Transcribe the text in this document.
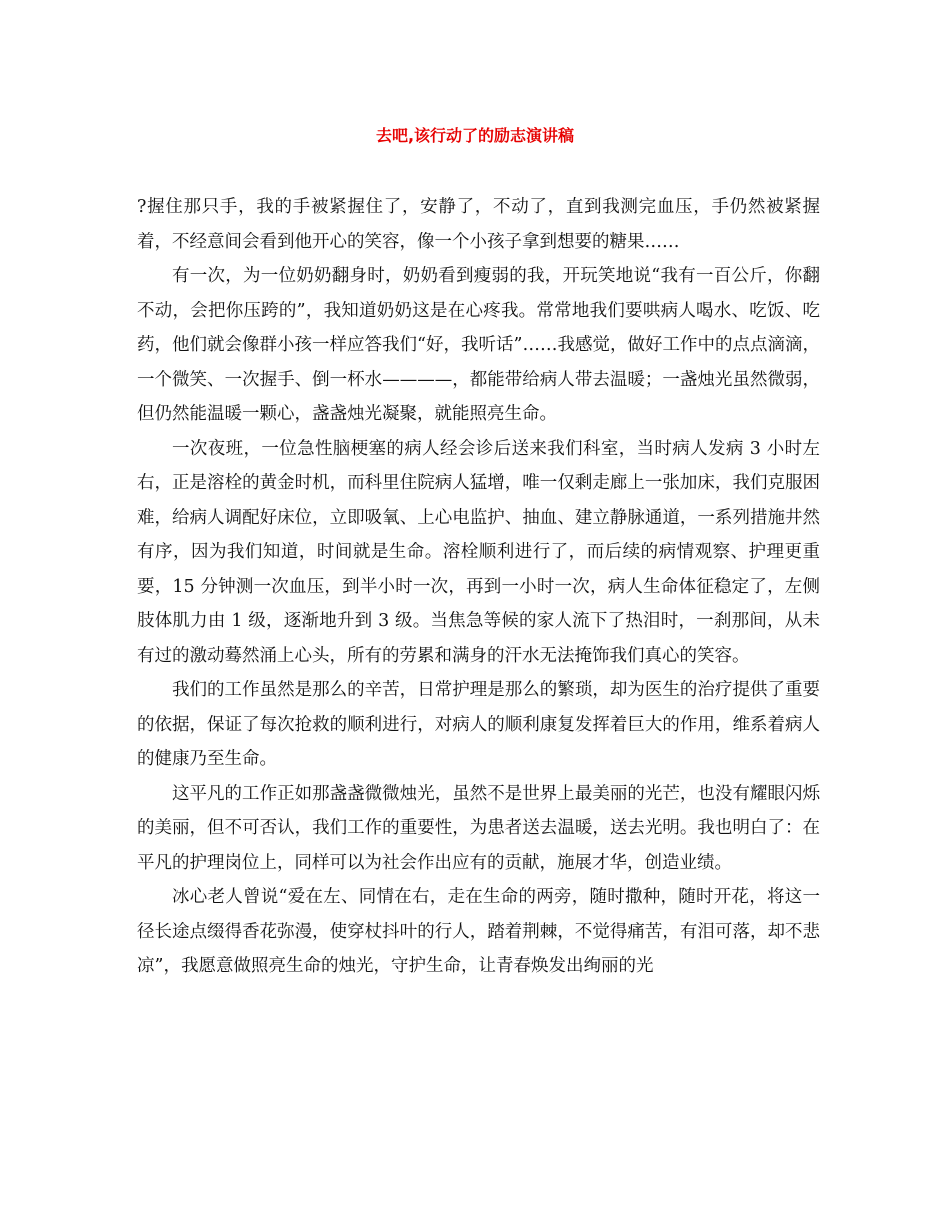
去吧,该行动了的励志演讲稿

?握住那只手，我的手被紧握住了，安静了，不动了，直到我测完血压，手仍然被紧握着，不经意间会看到他开心的笑容，像一个小孩子拿到想要的糖果……

有一次，为一位奶奶翻身时，奶奶看到瘦弱的我，开玩笑地说“我有一百公斤，你翻不动，会把你压跨的”，我知道奶奶这是在心疼我。常常地我们要哄病人喝水、吃饭、吃药，他们就会像群小孩一样应答我们“好，我听话”……我感觉，做好工作中的点点滴滴，一个微笑、一次握手、倒一杯水————，都能带给病人带去温暖；一盏烛光虽然微弱，但仍然能温暖一颗心，盏盏烛光凝聚，就能照亮生命。

一次夜班，一位急性脑梗塞的病人经会诊后送来我们科室，当时病人发病 3 小时左右，正是溶栓的黄金时机，而科里住院病人猛增，唯一仅剩走廊上一张加床，我们克服困难，给病人调配好床位，立即吸氧、上心电监护、抽血、建立静脉通道，一系列措施井然有序，因为我们知道，时间就是生命。溶栓顺利进行了，而后续的病情观察、护理更重要，15 分钟测一次血压，到半小时一次，再到一小时一次，病人生命体征稳定了，左侧肢体肌力由 1 级，逐渐地升到 3 级。当焦急等候的家人流下了热泪时，一刹那间，从未有过的激动蓦然涌上心头，所有的劳累和满身的汗水无法掩饰我们真心的笑容。

我们的工作虽然是那么的辛苦，日常护理是那么的繁琐，却为医生的治疗提供了重要的依据，保证了每次抢救的顺利进行，对病人的顺利康复发挥着巨大的作用，维系着病人的健康乃至生命。

这平凡的工作正如那盏盏微微烛光，虽然不是世界上最美丽的光芒，也没有耀眼闪烁的美丽，但不可否认，我们工作的重要性，为患者送去温暖，送去光明。我也明白了：在平凡的护理岗位上，同样可以为社会作出应有的贡献，施展才华，创造业绩。

冰心老人曾说“爱在左、同情在右，走在生命的两旁，随时撒种，随时开花，将这一径长途点缀得香花弥漫，使穿杖抖叶的行人，踏着荆棘，不觉得痛苦，有泪可落，却不悲凉”，我愿意做照亮生命的烛光，守护生命，让青春焕发出绚丽的光
